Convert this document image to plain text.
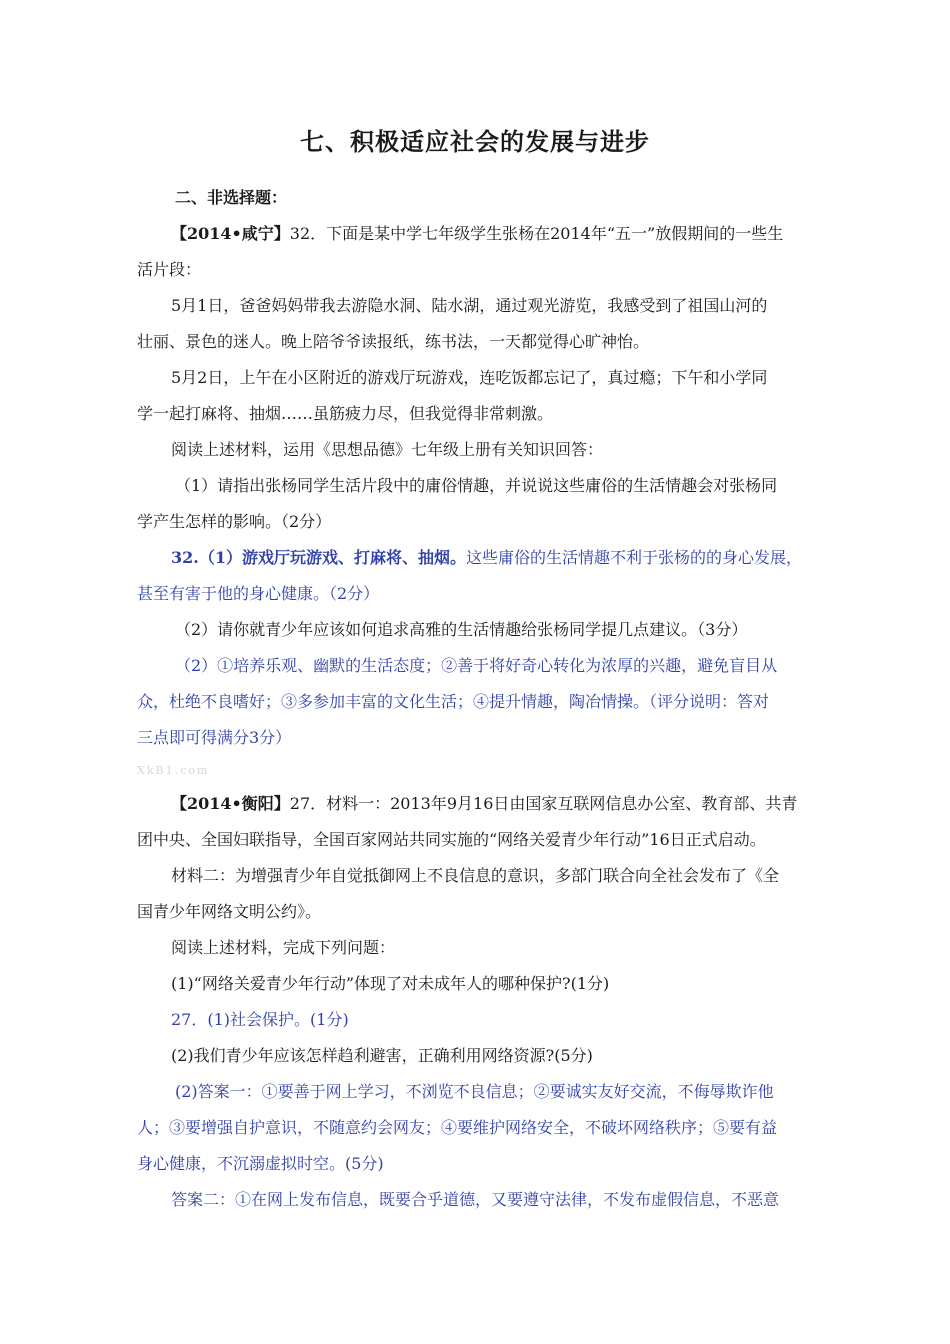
七、积极适应社会的发展与进步
二、非选择题：
【2014•咸宁】32．下面是某中学七年级学生张杨在2014年“五一”放假期间的一些生
活片段：
5月1日，爸爸妈妈带我去游隐水洞、陆水湖，通过观光游览，我感受到了祖国山河的
壮丽、景色的迷人。晚上陪爷爷读报纸，练书法，一天都觉得心旷神怡。
5月2日，上午在小区附近的游戏厅玩游戏，连吃饭都忘记了，真过瘾；下午和小学同
学一起打麻将、抽烟……虽筋疲力尽，但我觉得非常刺激。
阅读上述材料，运用《思想品德》七年级上册有关知识回答：
（1）请指出张杨同学生活片段中的庸俗情趣，并说说这些庸俗的生活情趣会对张杨同
学产生怎样的影响。（2分）
32.（1）游戏厅玩游戏、打麻将、抽烟。这些庸俗的生活情趣不利于张杨的的身心发展，
甚至有害于他的身心健康。（2分）
（2）请你就青少年应该如何追求高雅的生活情趣给张杨同学提几点建议。（3分）
（2）①培养乐观、幽默的生活态度；②善于将好奇心转化为浓厚的兴趣，避免盲目从
众，杜绝不良嗜好；③多参加丰富的文化生活；④提升情趣，陶冶情操。（评分说明：答对
三点即可得满分3分）
XkB1.com
【2014•衡阳】27．材料一：2013年9月16日由国家互联网信息办公室、教育部、共青
团中央、全国妇联指导，全国百家网站共同实施的“网络关爱青少年行动”16日正式启动。
材料二：为增强青少年自觉抵御网上不良信息的意识，多部门联合向全社会发布了《全
国青少年网络文明公约》。
阅读上述材料，完成下列问题：
(1)“网络关爱青少年行动”体现了对未成年人的哪种保护?(1分)
27．(1)社会保护。(1分)
(2)我们青少年应该怎样趋利避害，正确利用网络资源?(5分)
(2)答案一：①要善于网上学习，不浏览不良信息；②要诚实友好交流，不侮辱欺诈他
人；③要增强自护意识，不随意约会网友；④要维护网络安全，不破坏网络秩序；⑤要有益
身心健康，不沉溺虚拟时空。(5分)
答案二：①在网上发布信息，既要合乎道德，又要遵守法律，不发布虚假信息，不恶意
